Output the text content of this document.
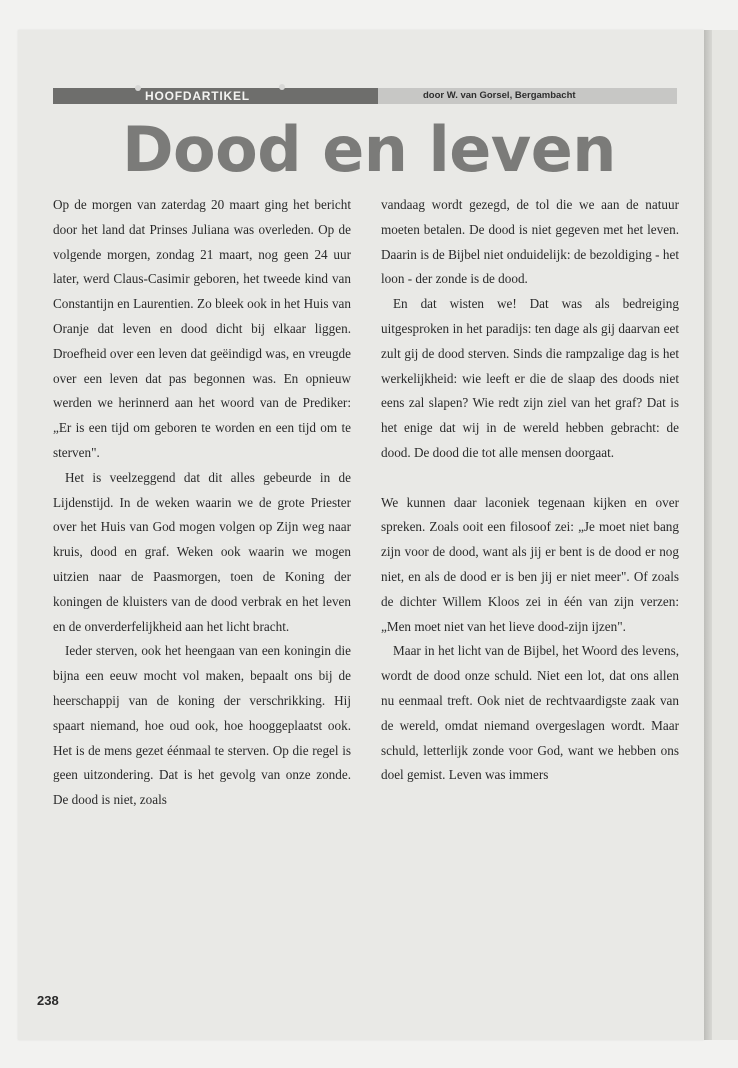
HOOFDARTIKEL	door W. van Gorsel, Bergambacht
Dood en leven

Op de morgen van zaterdag 20 maart ging het bericht door het land dat Prinses Juliana was overleden. Op de volgende morgen, zondag 21 maart, nog geen 24 uur later, werd Claus-Casimir geboren, het tweede kind van Constantijn en Laurentien. Zo bleek ook in het Huis van Oranje dat leven en dood dicht bij elkaar liggen. Droefheid over een leven dat geëindigd was, en vreugde over een leven dat pas begonnen was. En opnieuw werden we herinnerd aan het woord van de Prediker: „Er is een tijd om geboren te worden en een tijd om te sterven".

Het is veelzeggend dat dit alles gebeurde in de Lijdenstijd. In de weken waarin we de grote Priester over het Huis van God mogen volgen op Zijn weg naar kruis, dood en graf. Weken ook waarin we mogen uitzien naar de Paasmorgen, toen de Koning der koningen de kluisters van de dood verbrak en het leven en de onverderfelijkheid aan het licht bracht.

Ieder sterven, ook het heengaan van een koningin die bijna een eeuw mocht vol maken, bepaalt ons bij de heerschappij van de koning der verschrikking. Hij spaart niemand, hoe oud ook, hoe hooggeplaatst ook. Het is de mens gezet éénmaal te sterven. Op die regel is geen uitzondering. Dat is het gevolg van onze zonde. De dood is niet, zoals

vandaag wordt gezegd, de tol die we aan de natuur moeten betalen. De dood is niet gegeven met het leven. Daarin is de Bijbel niet onduidelijk: de bezoldiging - het loon - der zonde is de dood.

En dat wisten we! Dat was als bedreiging uitgesproken in het paradijs: ten dage als gij daarvan eet zult gij de dood sterven. Sinds die rampzalige dag is het werkelijkheid: wie leeft er die de slaap des doods niet eens zal slapen? Wie redt zijn ziel van het graf? Dat is het enige dat wij in de wereld hebben gebracht: de dood. De dood die tot alle mensen doorgaat.

We kunnen daar laconiek tegenaan kijken en over spreken. Zoals ooit een filosoof zei: „Je moet niet bang zijn voor de dood, want als jij er bent is de dood er nog niet, en als de dood er is ben jij er niet meer". Of zoals de dichter Willem Kloos zei in één van zijn verzen: „Men moet niet van het lieve dood-zijn ijzen".

Maar in het licht van de Bijbel, het Woord des levens, wordt de dood onze schuld. Niet een lot, dat ons allen nu eenmaal treft. Ook niet de rechtvaardigste zaak van de wereld, omdat niemand overgeslagen wordt. Maar schuld, letterlijk zonde voor God, want we hebben ons doel gemist. Leven was immers

238
